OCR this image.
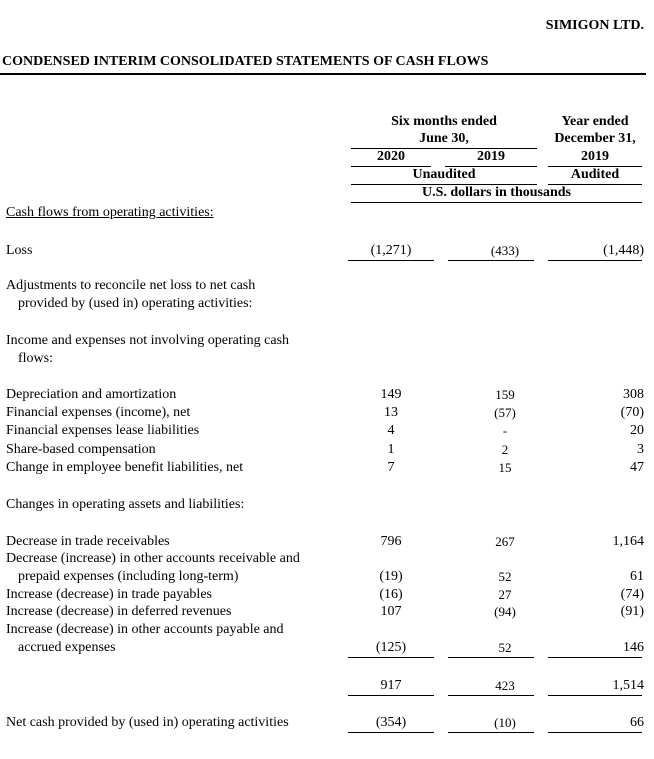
SIMIGON LTD.
CONDENSED INTERIM CONSOLIDATED STATEMENTS OF CASH FLOWS
Six months ended
June 30,
Year ended
December 31,
2020	2019	2019
Unaudited	Audited
U.S. dollars in thousands
Cash flows from operating activities:
Loss	(1,271)	(433)	(1,448)
Adjustments to reconcile net loss to net cash
provided by (used in) operating activities:
Income and expenses not involving operating cash
flows:
Depreciation and amortization	149	159	308
Financial expenses (income), net	13	(57)	(70)
Financial expenses lease liabilities	4	-	20
Share-based compensation	1	2	3
Change in employee benefit liabilities, net	7	15	47
Changes in operating assets and liabilities:
Decrease in trade receivables	796	267	1,164
Decrease (increase) in other accounts receivable and
prepaid expenses (including long-term)	(19)	52	61
Increase (decrease) in trade payables	(16)	27	(74)
Increase (decrease) in deferred revenues	107	(94)	(91)
Increase (decrease) in other accounts payable and
accrued expenses	(125)	52	146
917	423	1,514
Net cash provided by (used in) operating activities	(354)	(10)	66
